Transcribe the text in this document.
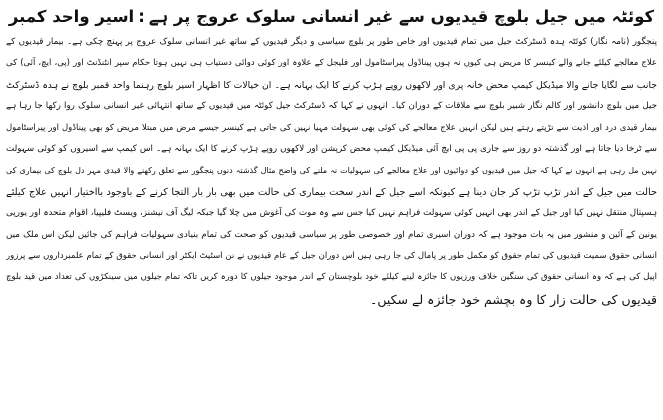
کوئٹہ میں جیل بلوچ قیدیوں سے غیر انسانی سلوک عروج پر ہے:اسیر واحد کمبر
پنجگور (نامہ نگار) کوئٹہ ہدہ ڈسٹرکٹ جیل میں تمام قیدیوں اور خاص طور پر بلوچ سیاسی و دیگر قیدیوں کے ساتھ غیر انسانی سلوک عروج پر پہنچ چکی ہے۔ بیمار قیدیوں کے
علاج معالجے کیلئے جانے والے کینسر کا مریض ہی کیوں نہ ہوں پیناڈول پیراسٹامول اور فلیجل کے علاوہ اور کوئی دوائی دستیاب ہی نہیں ہوتا حکام سپر انٹنڈنٹ اور (پی، ایچ، آئی) کی
جانب سے لگایا جانے والا میڈیکل کیمپ محض خانہ پری اور لاکھوں روپے ہڑپ کرنے کا ایک بہانہ ہے۔ ان خیالات کا اظہار اسیر بلوچ رہنما واحد قمبر بلوچ نے ہدہ ڈسٹرکٹ
جیل میں بلوچ دانشور اور کالم نگار شبیر بلوچ سے ملاقات کے دوران کیا۔ انہوں نے کہا کہ ڈسٹرکٹ جیل کوئٹہ میں قیدیوں کے ساتھ انتہائی غیر انسانی سلوک روا رکھا جا رہا ہے
بیمار قیدی درد اور اذیت سے تڑپتے رہتے ہیں لیکن انہیں علاج معالجے کی کوئی بھی سہولت مہیا نہیں کی جاتی ہے کینسر جیسے مرض میں مبتلا مریض کو بھی پیناڈول اور پیراسٹامول
سے ٹرخا دیا جاتا ہے اور گذشتہ دو روز سے جاری پی پی ایچ آئی میڈیکل کیمپ محض کرپشن اور لاکھوں روپے ہڑپ کرنے کا ایک بہانہ ہے۔ اس کیمپ سے اسیروں کو کوئی سہولت
نہیں مل رہی ہے انہوں نے کہا کہ جیل میں قیدیوں کو دوائیوں اور علاج معالجے کی سہولیات نہ ملنے کی واضح مثال گذشتہ دنوں پنجگور سے تعلق رکھنے والا قیدی مہر دل بلوچ کی بیماری کی
حالت میں جیل کے اندر تڑپ تڑپ کر جان دینا ہے کیونکہ اسے جیل کے اندر سخت بیماری کی حالت میں بھی بار بار التجا کرنے کے باوجود بااختیار انہیں علاج کیلئے
ہسپتال منتقل نہیں کیا اور جیل کے اندر بھی انہیں کوئی سہولت فراہم نہیں کیا جس سے وہ موت کی آغوش میں چلا گیا جبکہ لیگ آف نیشنز، ویسٹ فلیپیا، اقوام متحدہ اور یورپی
یونین کے آئین و منشور میں یہ بات موجود ہے کہ دوران اسیری تمام اور خصوصی طور پر سیاسی قیدیوں کو صحت کی تمام بنیادی سہولیات فراہم کی جائیں لیکن اس ملک میں
انسانی حقوق سمیت قیدیوں کی تمام حقوق کو مکمل طور پر پامال کی جا رہی ہیں اس دوران جیل کے عام قیدیوں نے نن اسٹیٹ ایکٹر اور انسانی حقوق کے تمام علمبرداروں سے پرزور
اپیل کی ہے کہ وہ انسانی حقوق کی سنگین خلاف ورزیوں کا جائزہ لینے کیلئے خود بلوچستان کے اندر موجود جیلوں کا دورہ کریں تاکہ تمام جیلوں میں سینکڑوں کی تعداد میں قید بلوچ
قیدیوں کی حالت زار کا وہ بچشم خود جائزہ لے سکیں۔
